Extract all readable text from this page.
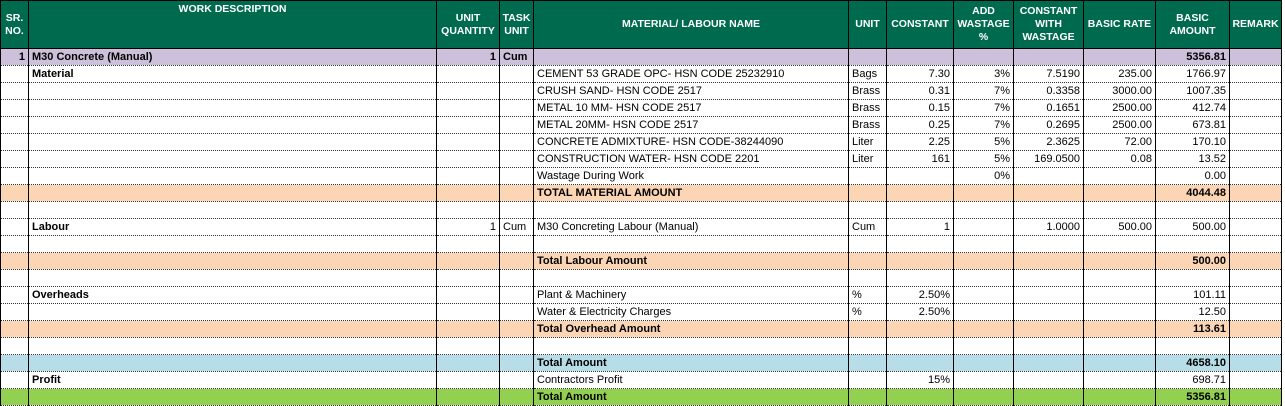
SR. NO.	WORK DESCRIPTION	UNIT QUANTITY	TASK UNIT	MATERIAL/ LABOUR NAME	UNIT	CONSTANT	ADD WASTAGE %	CONSTANT WITH WASTAGE	BASIC RATE	BASIC AMOUNT	REMARK
1	M30 Concrete (Manual)	1	Cum							5356.81	
	Material			CEMENT 53 GRADE OPC- HSN CODE 25232910	Bags	7.30	3%	7.5190	235.00	1766.97	
				CRUSH SAND- HSN CODE 2517	Brass	0.31	7%	0.3358	3000.00	1007.35	
				METAL 10 MM- HSN CODE 2517	Brass	0.15	7%	0.1651	2500.00	412.74	
				METAL 20MM- HSN CODE 2517	Brass	0.25	7%	0.2695	2500.00	673.81	
				CONCRETE ADMIXTURE- HSN CODE-38244090	Liter	2.25	5%	2.3625	72.00	170.10	
				CONSTRUCTION WATER- HSN CODE 2201	Liter	161	5%	169.0500	0.08	13.52	
				Wastage During Work			0%			0.00	
				TOTAL MATERIAL AMOUNT						4044.48	

	Labour	1	Cum	M30 Concreting Labour (Manual)	Cum	1		1.0000	500.00	500.00	

				Total Labour Amount						500.00	

	Overheads			Plant & Machinery	%	2.50%				101.11	
				Water & Electricity Charges	%	2.50%				12.50	
				Total Overhead Amount						113.61	

				Total Amount						4658.10	
	Profit			Contractors Profit		15%				698.71	
				Total Amount						5356.81	
